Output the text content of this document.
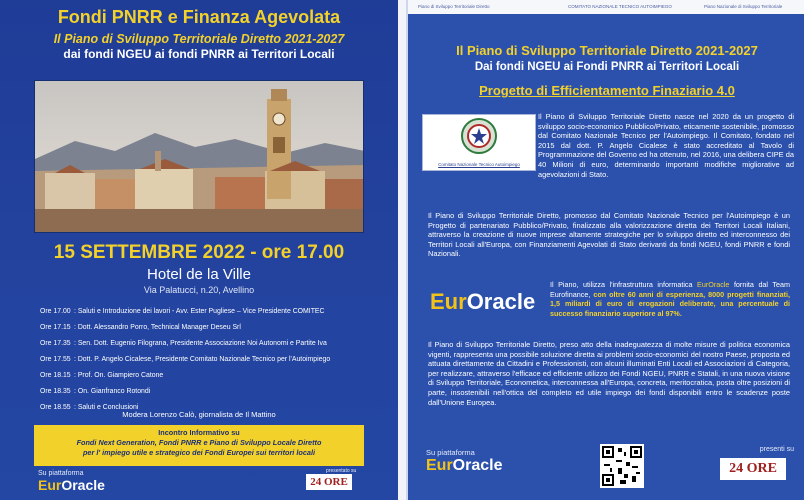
Fondi PNRR e Finanza Agevolata
Il Piano di Sviluppo Territoriale Diretto 2021-2027
dai fondi NGEU ai fondi PNRR ai Territori Locali
15 SETTEMBRE 2022 - ore 17.00
Hotel de la Ville
Via Palatucci, n.20, Avellino
Ore 17.00 : Saluti e Introduzione dei lavori - Avv. Ester Pugliese – Vice Presidente COMITEC
Ore 17.15 : Dott. Alessandro Porro, Technical Manager Deseu Srl
Ore 17.35 : Sen. Dott. Eugenio Filograna, Presidente Associazione Noi Autonomi e Partite Iva
Ore 17.55 : Dott. P. Angelo Cicalese, Presidente Comitato Nazionale Tecnico per l'Autoimpiego
Ore 18.15 : Prof. On. Giampiero Catone
Ore 18.35 : On. Gianfranco Rotondi
Ore 18.55 : Saluti e Conclusioni
Modera Lorenzo Calò, giornalista de Il Mattino
Incontro Informativo su
Fondi Next Generation, Fondi PNRR e Piano di Sviluppo Locale Diretto
per l' impiego utile e strategico dei Fondi Europei sui territori locali
Su piattaforma
EurOracle
presentato su
24 ORE
Piano di Sviluppo Territoriale Diretto	COMITATO NAZIONALE TECNICO AUTOIMPIEGO	Piano Nazionale di Sviluppo Territoriale
Il Piano di Sviluppo Territoriale Diretto 2021-2027
Dai fondi NGEU ai Fondi PNRR ai Territori Locali
Progetto di Efficientamento Finaziario 4.0
Comitato Nazionale Tecnico Autoimpiego
Il Piano di Sviluppo Territoriale Diretto nasce nel 2020 da un progetto di sviluppo socio-economico Pubblico/Privato, eticamente sostenibile, promosso dal Comitato Nazionale Tecnico per l'Autoimpiego. Il Comitato, fondato nel 2015 dal dott. P. Angelo Cicalese è stato accreditato al Tavolo di Programmazione del Governo ed ha ottenuto, nel 2016, una delibera CIPE da 40 Milioni di euro, determinando importanti modifiche migliorative ad agevolazioni di Stato.
Il Piano di Sviluppo Territoriale Diretto, promosso dal Comitato Nazionale Tecnico per l'Autoimpiego è un Progetto di partenariato Pubblico/Privato, finalizzato alla valorizzazione diretta dei Territori Locali Italiani, attraverso la creazione di nuove imprese altamente strategiche per lo sviluppo diretto ed interconnesso dei Territori Locali all'Europa, con Finanziamenti Agevolati di Stato derivanti da fondi NGEU, fondi PNRR e fondi Nazionali.
EurOracle
Il Piano, utilizza l'infrastruttura informatica EurOracle fornita dal Team Eurofinance, con oltre 60 anni di esperienza, 8000 progetti finanziati, 1,5 miliardi di euro di erogazioni deliberate, una percentuale di successo finanziario superiore al 97%.
Il Piano di Sviluppo Territoriale Diretto, preso atto della inadeguatezza di molte misure di politica economica vigenti, rappresenta una possibile soluzione diretta ai problemi socio-economici del nostro Paese, proposta ed attuata direttamente da Cittadini e Professionisti, con alcuni illuminati Enti Locali ed Associazioni di Categoria, per realizzare, attraverso l'efficace ed efficiente utilizzo dei Fondi NGEU, PNRR e Statali, in una nuova visione di Sviluppo Territoriale, Econometica, interconnessa all'Europa, concreta, meritocratica, posta oltre posizioni di parte, insostenibili nell'ottica del completo ed utile impiego dei fondi disponibili entro le scadenze poste dall'Unione Europea.
Su piattaforma
EurOracle
presenti su
24 ORE
